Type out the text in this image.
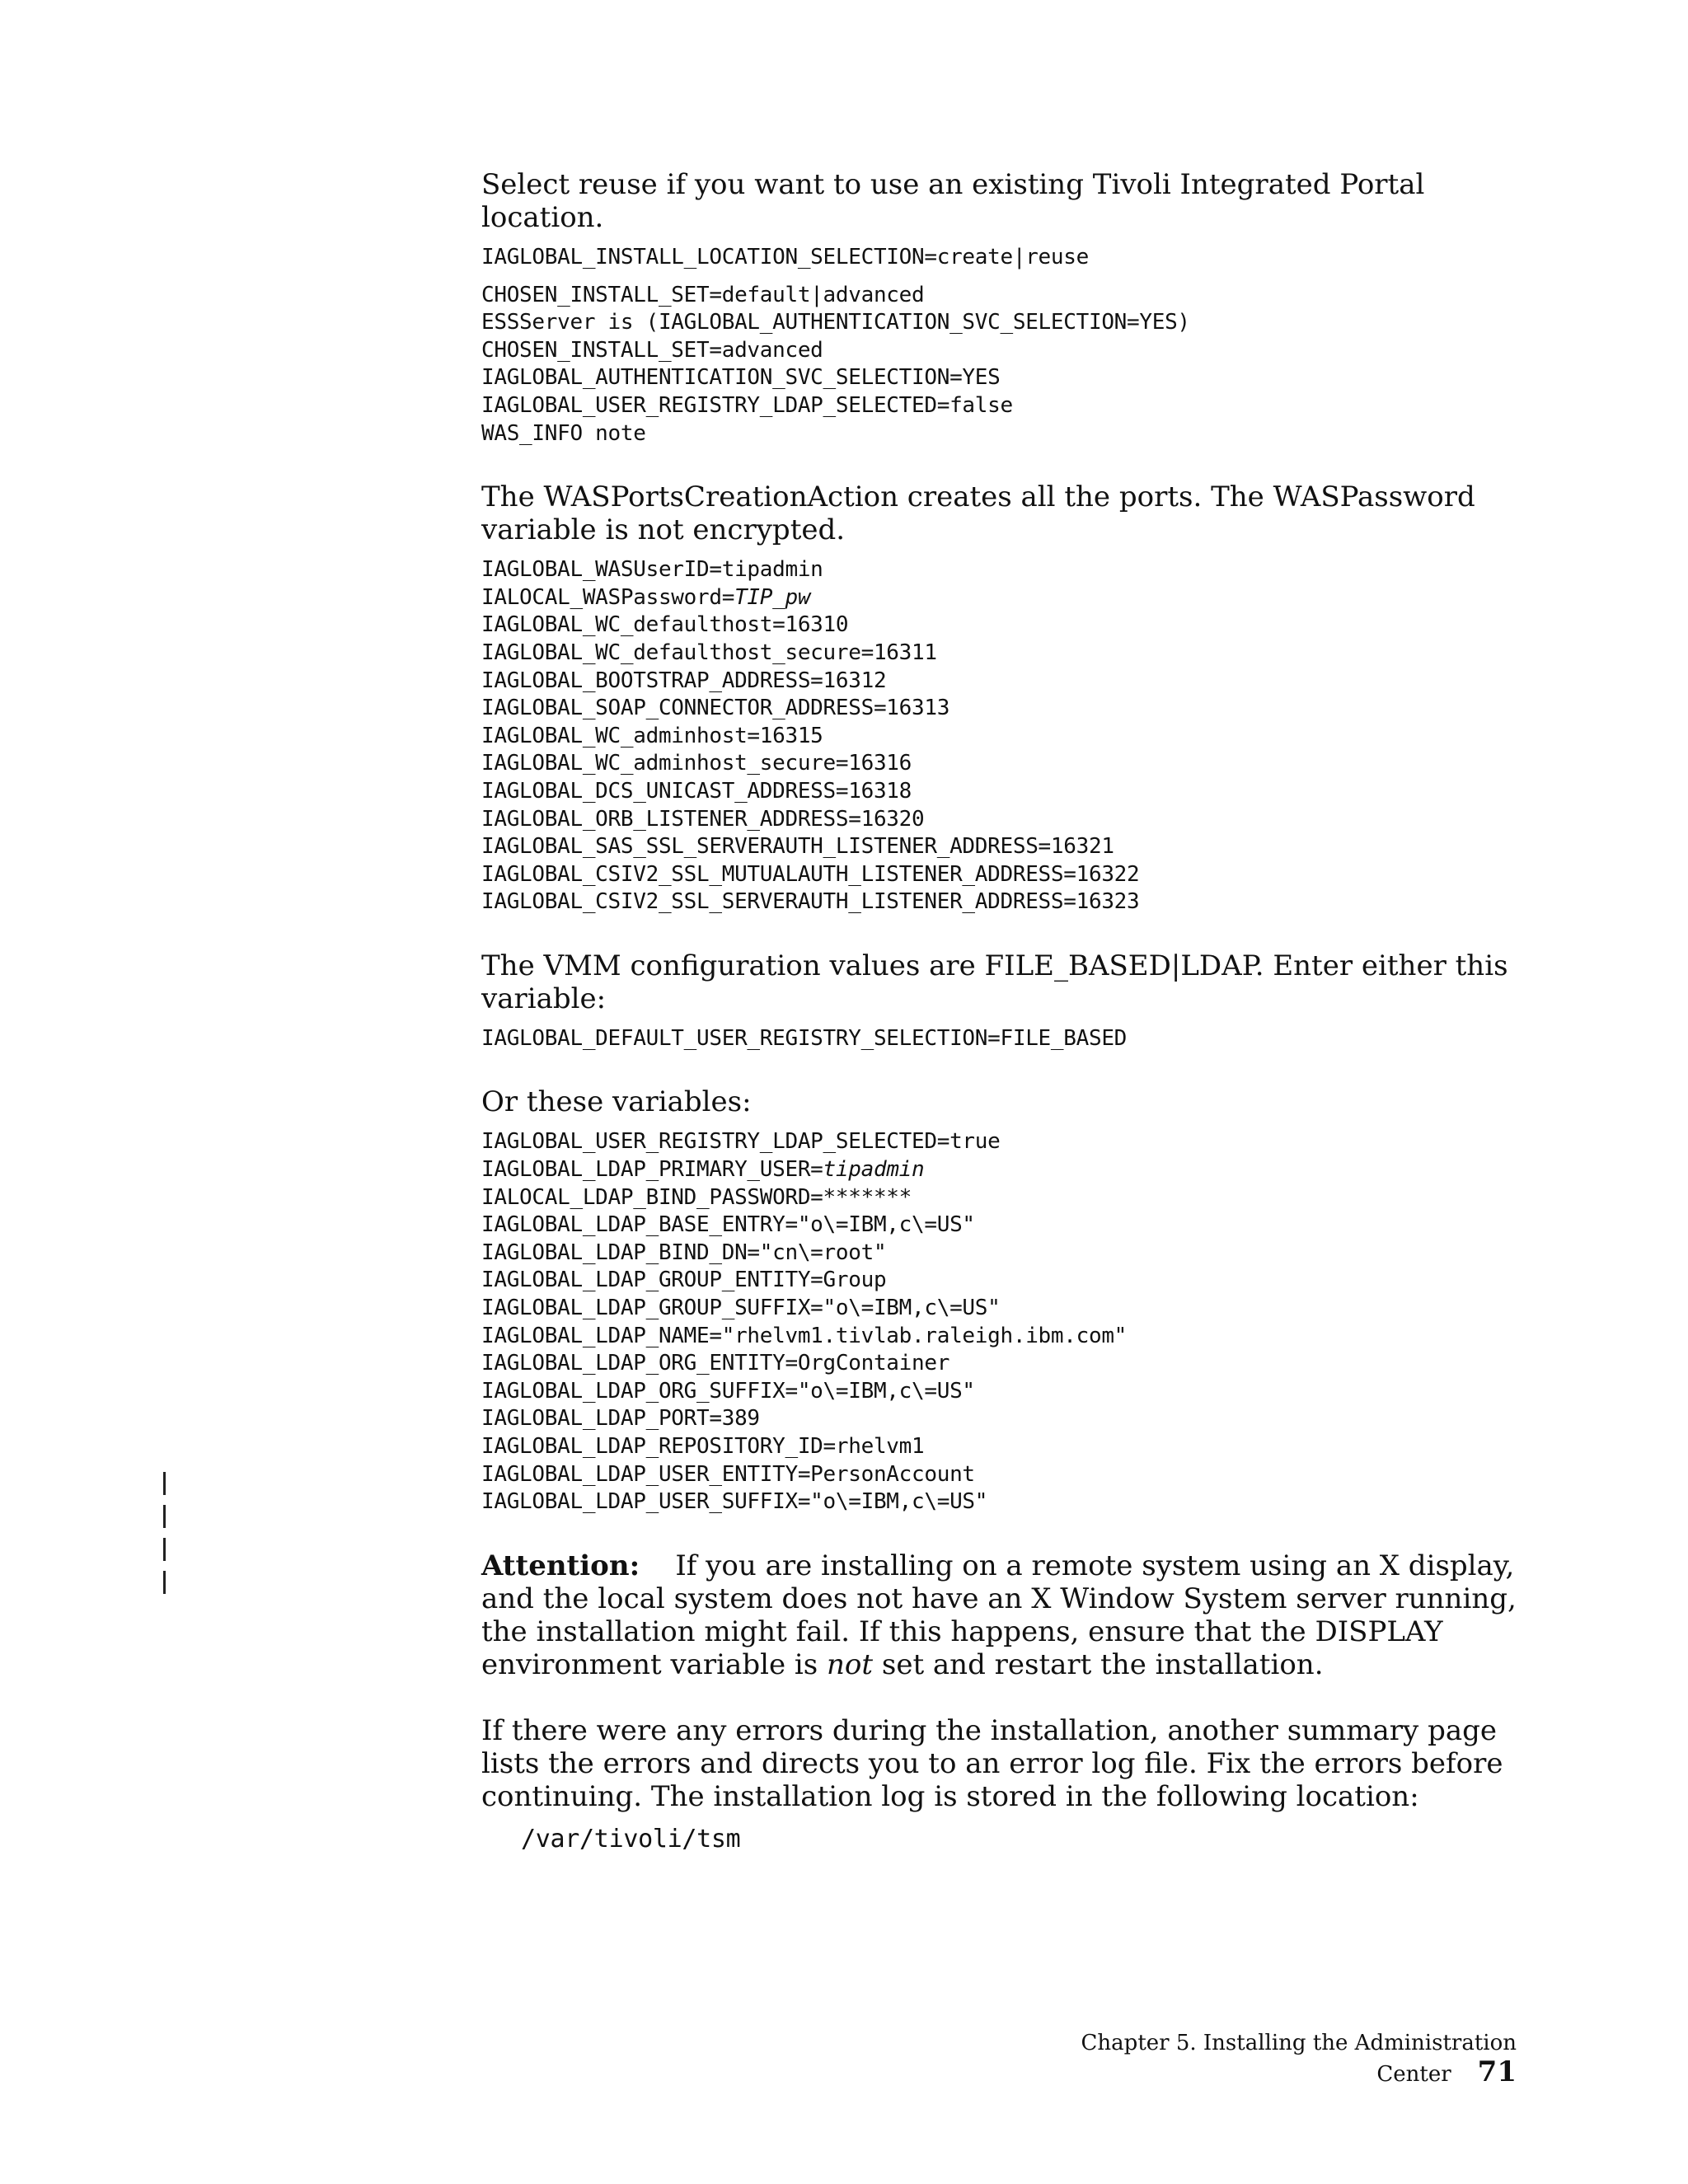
Select reuse if you want to use an existing Tivoli Integrated Portal location.

IAGLOBAL_INSTALL_LOCATION_SELECTION=create|reuse
CHOSEN_INSTALL_SET=default|advanced
ESSServer is (IAGLOBAL_AUTHENTICATION_SVC_SELECTION=YES)
CHOSEN_INSTALL_SET=advanced
IAGLOBAL_AUTHENTICATION_SVC_SELECTION=YES
IAGLOBAL_USER_REGISTRY_LDAP_SELECTED=false
WAS_INFO note

The WASPortsCreationAction creates all the ports. The WASPassword variable is not encrypted.

IAGLOBAL_WASUserID=tipadmin
IALOCAL_WASPassword=TIP_pw
IAGLOBAL_WC_defaulthost=16310
IAGLOBAL_WC_defaulthost_secure=16311
IAGLOBAL_BOOTSTRAP_ADDRESS=16312
IAGLOBAL_SOAP_CONNECTOR_ADDRESS=16313
IAGLOBAL_WC_adminhost=16315
IAGLOBAL_WC_adminhost_secure=16316
IAGLOBAL_DCS_UNICAST_ADDRESS=16318
IAGLOBAL_ORB_LISTENER_ADDRESS=16320
IAGLOBAL_SAS_SSL_SERVERAUTH_LISTENER_ADDRESS=16321
IAGLOBAL_CSIV2_SSL_MUTUALAUTH_LISTENER_ADDRESS=16322
IAGLOBAL_CSIV2_SSL_SERVERAUTH_LISTENER_ADDRESS=16323

The VMM configuration values are FILE_BASED|LDAP. Enter either this variable:

IAGLOBAL_DEFAULT_USER_REGISTRY_SELECTION=FILE_BASED

Or these variables:

IAGLOBAL_USER_REGISTRY_LDAP_SELECTED=true
IAGLOBAL_LDAP_PRIMARY_USER=tipadmin
IALOCAL_LDAP_BIND_PASSWORD=*******
IAGLOBAL_LDAP_BASE_ENTRY="o\=IBM,c\=US"
IAGLOBAL_LDAP_BIND_DN="cn\=root"
IAGLOBAL_LDAP_GROUP_ENTITY=Group
IAGLOBAL_LDAP_GROUP_SUFFIX="o\=IBM,c\=US"
IAGLOBAL_LDAP_NAME="rhelvm1.tivlab.raleigh.ibm.com"
IAGLOBAL_LDAP_ORG_ENTITY=OrgContainer
IAGLOBAL_LDAP_ORG_SUFFIX="o\=IBM,c\=US"
IAGLOBAL_LDAP_PORT=389
IAGLOBAL_LDAP_REPOSITORY_ID=rhelvm1
IAGLOBAL_LDAP_USER_ENTITY=PersonAccount
IAGLOBAL_LDAP_USER_SUFFIX="o\=IBM,c\=US"

Attention: If you are installing on a remote system using an X display, and the local system does not have an X Window System server running, the installation might fail. If this happens, ensure that the DISPLAY environment variable is not set and restart the installation.

If there were any errors during the installation, another summary page lists the errors and directs you to an error log file. Fix the errors before continuing. The installation log is stored in the following location:

/var/tivoli/tsm
Chapter 5. Installing the Administration Center 71
